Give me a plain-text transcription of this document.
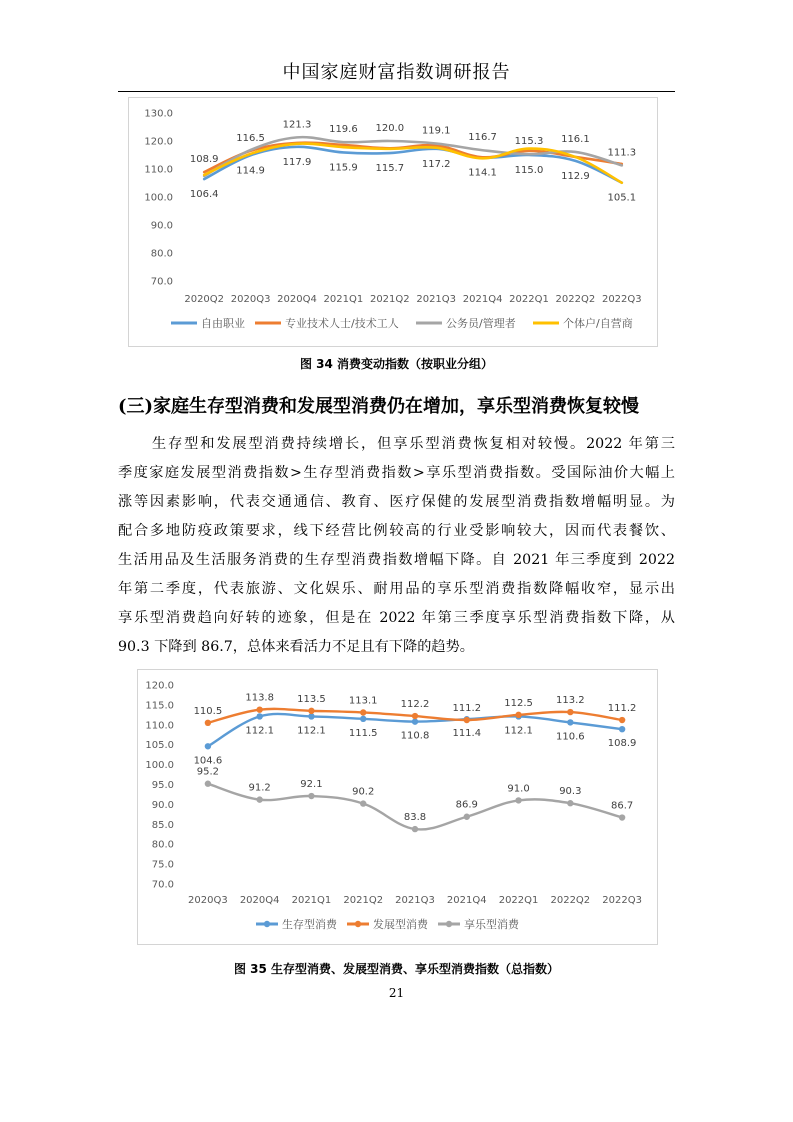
中国家庭财富指数调研报告
130.0
120.0
110.0
100.0
90.0
80.0
70.0
2020Q2 2020Q3 2020Q4 2021Q1 2021Q2 2021Q3 2021Q4 2022Q1 2022Q2 2022Q3
108.9
106.4
116.5
114.9
121.3
117.9
119.6
115.9
120.0
115.7
119.1
117.2
116.7
114.1
115.3
115.0
116.1
112.9
111.3
105.1
自由职业	专业技术人士/技术工人	公务员/管理者	个体户/自营商
图 34 消费变动指数（按职业分组）
(三)家庭生存型消费和发展型消费仍在增加，享乐型消费恢复较慢
生存型和发展型消费持续增长，但享乐型消费恢复相对较慢。2022 年第三
季度家庭发展型消费指数>生存型消费指数>享乐型消费指数。受国际油价大幅上
涨等因素影响，代表交通通信、教育、医疗保健的发展型消费指数增幅明显。为
配合多地防疫政策要求，线下经营比例较高的行业受影响较大，因而代表餐饮、
生活用品及生活服务消费的生存型消费指数增幅下降。自 2021 年三季度到 2022
年第二季度，代表旅游、文化娱乐、耐用品的享乐型消费指数降幅收窄，显示出
享乐型消费趋向好转的迹象，但是在 2022 年第三季度享乐型消费指数下降，从
90.3 下降到 86.7，总体来看活力不足且有下降的趋势。
120.0
115.0
110.0
105.0
100.0
95.0
90.0
85.0
80.0
75.0
70.0
2020Q3 2020Q4 2021Q1 2021Q2 2021Q3 2021Q4 2022Q1 2022Q2 2022Q3
104.6
112.1 112.1 111.5 110.8 111.4 112.1
110.6
108.9
110.5
113.8 113.5 113.1 112.2 111.2 112.5 113.2
111.2
95.2
91.2	92.1
90.2
83.8
86.9
91.0	90.3
86.7
生存型消费	发展型消费	享乐型消费
图 35 生存型消费、发展型消费、享乐型消费指数（总指数）
21
